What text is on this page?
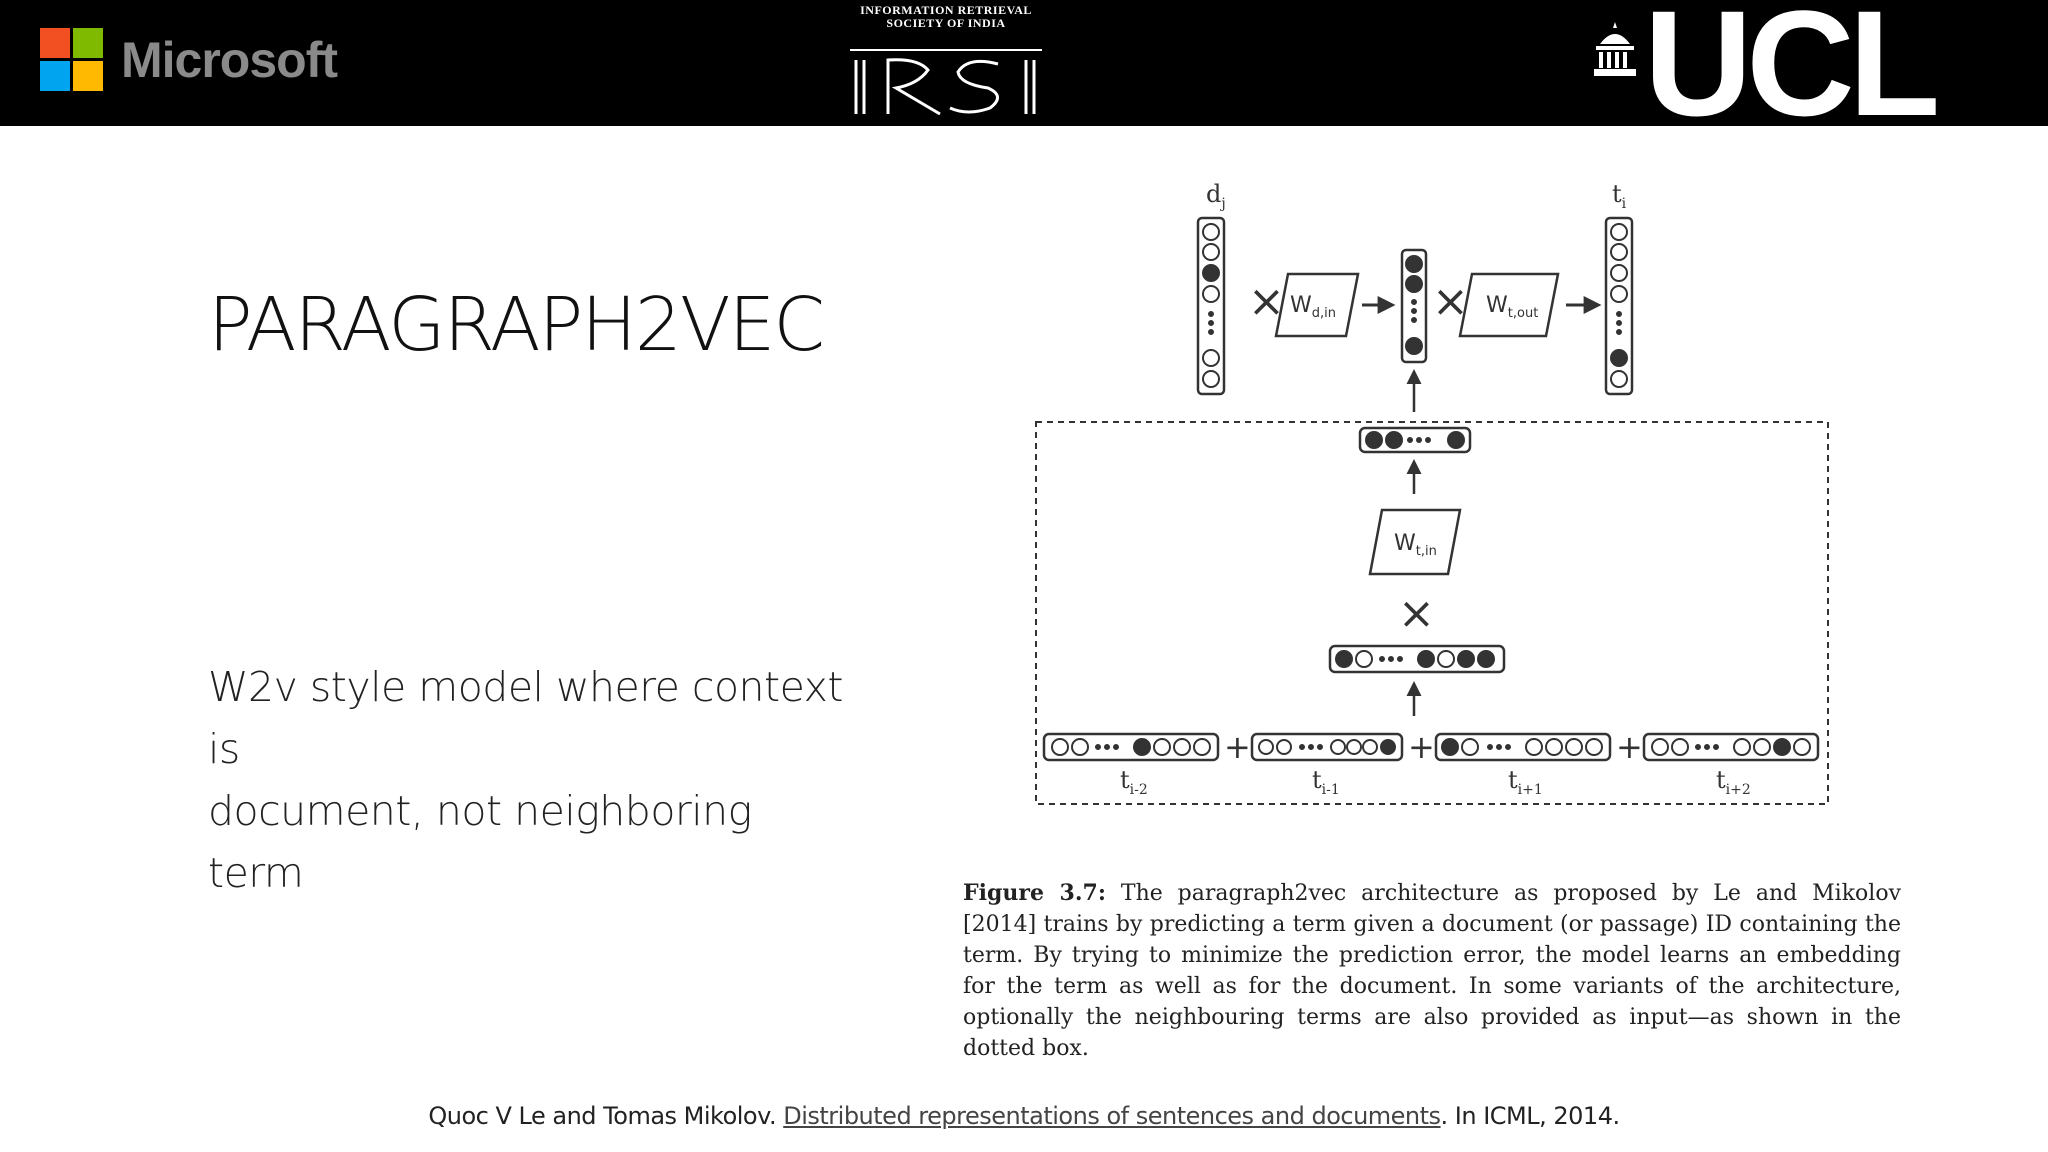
Microsoft
INFORMATION RETRIEVAL
SOCIETY OF INDIA	UCL
PARAGRAPH2VEC
W2v style model where context is
document, not neighboring term
$d_j$
× $W_{d,in} \times W_{t,out}$
$t_i$
$W_{t,in}$
×
+	+	+
$t_{i-2}$	$t_{i-1}$	$t_{i+1}$	$t_{i+2}$
Figure 3.7: The paragraph2vec architecture as proposed by Le and Mikolov [2014] trains by predicting a term given a document (or passage) ID containing the term. By trying to minimize the prediction error, the model learns an embedding for the term as well as for the document. In some variants of the architecture, optionally the neighbouring terms are also provided as input—as shown in the dotted box.
Quoc V Le and Tomas Mikolov. Distributed representations of sentences and documents. In ICML, 2014.
